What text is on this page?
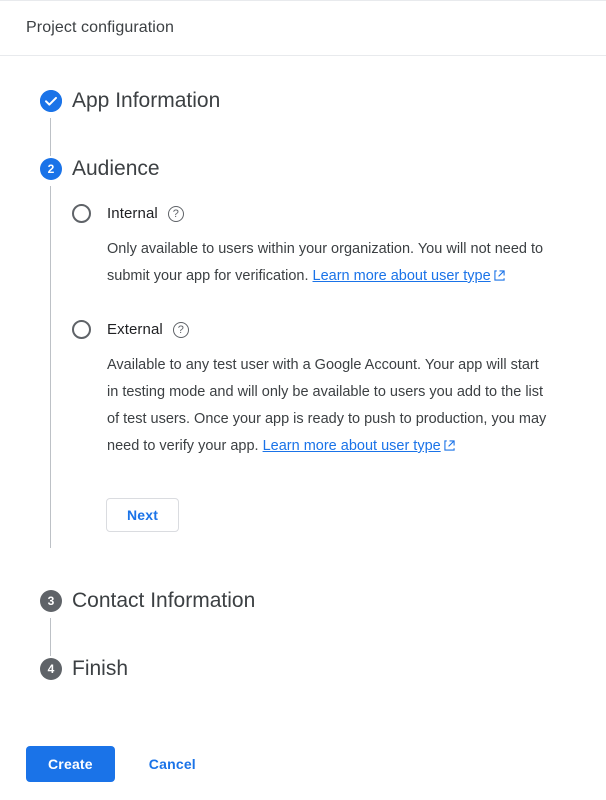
Project configuration
App Information
2 Audience
Internal	?
Only available to users within your organization. You will not need to submit your app for verification. Learn more about user type
External	?
Available to any test user with a Google Account. Your app will start in testing mode and will only be available to users you add to the list of test users. Once your app is ready to push to production, you may need to verify your app. Learn more about user type
Next
3 Contact Information
4 Finish
Create	Cancel
